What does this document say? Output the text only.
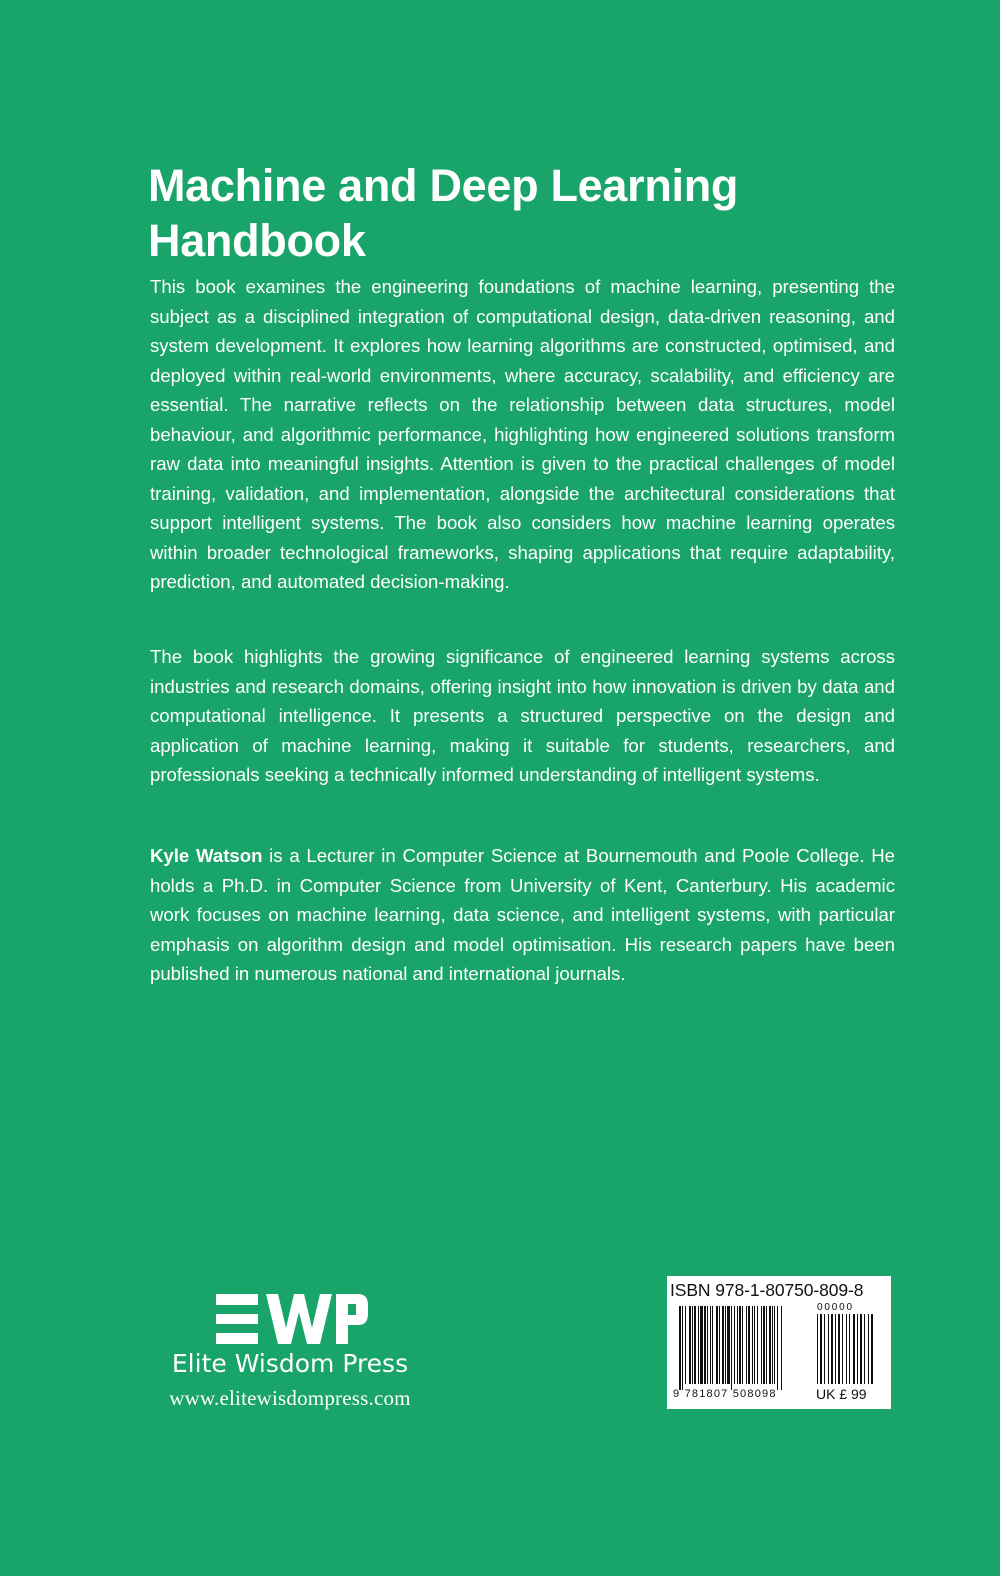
Machine and Deep Learning Handbook

This book examines the engineering foundations of machine learning, presenting the subject as a disciplined integration of computational design, data-driven reasoning, and system development. It explores how learning algorithms are constructed, optimised, and deployed within real-world environments, where accuracy, scalability, and efficiency are essential. The narrative reflects on the relationship between data structures, model behaviour, and algorithmic performance, highlighting how engineered solutions transform raw data into meaningful insights. Attention is given to the practical challenges of model training, validation, and implementation, alongside the architectural considerations that support intelligent systems. The book also considers how machine learning operates within broader technological frameworks, shaping applications that require adaptability, prediction, and automated decision-making.

The book highlights the growing significance of engineered learning systems across industries and research domains, offering insight into how innovation is driven by data and computational intelligence. It presents a structured perspective on the design and application of machine learning, making it suitable for students, researchers, and professionals seeking a technically informed understanding of intelligent systems.

Kyle Watson is a Lecturer in Computer Science at Bournemouth and Poole College. He holds a Ph.D. in Computer Science from University of Kent, Canterbury. His academic work focuses on machine learning, data science, and intelligent systems, with particular emphasis on algorithm design and model optimisation. His research papers have been published in numerous national and international journals.

Elite Wisdom Press
www.elitewisdompress.com
ISBN 978-1-80750-809-8
00000
9 781807 508098	UK £ 99
